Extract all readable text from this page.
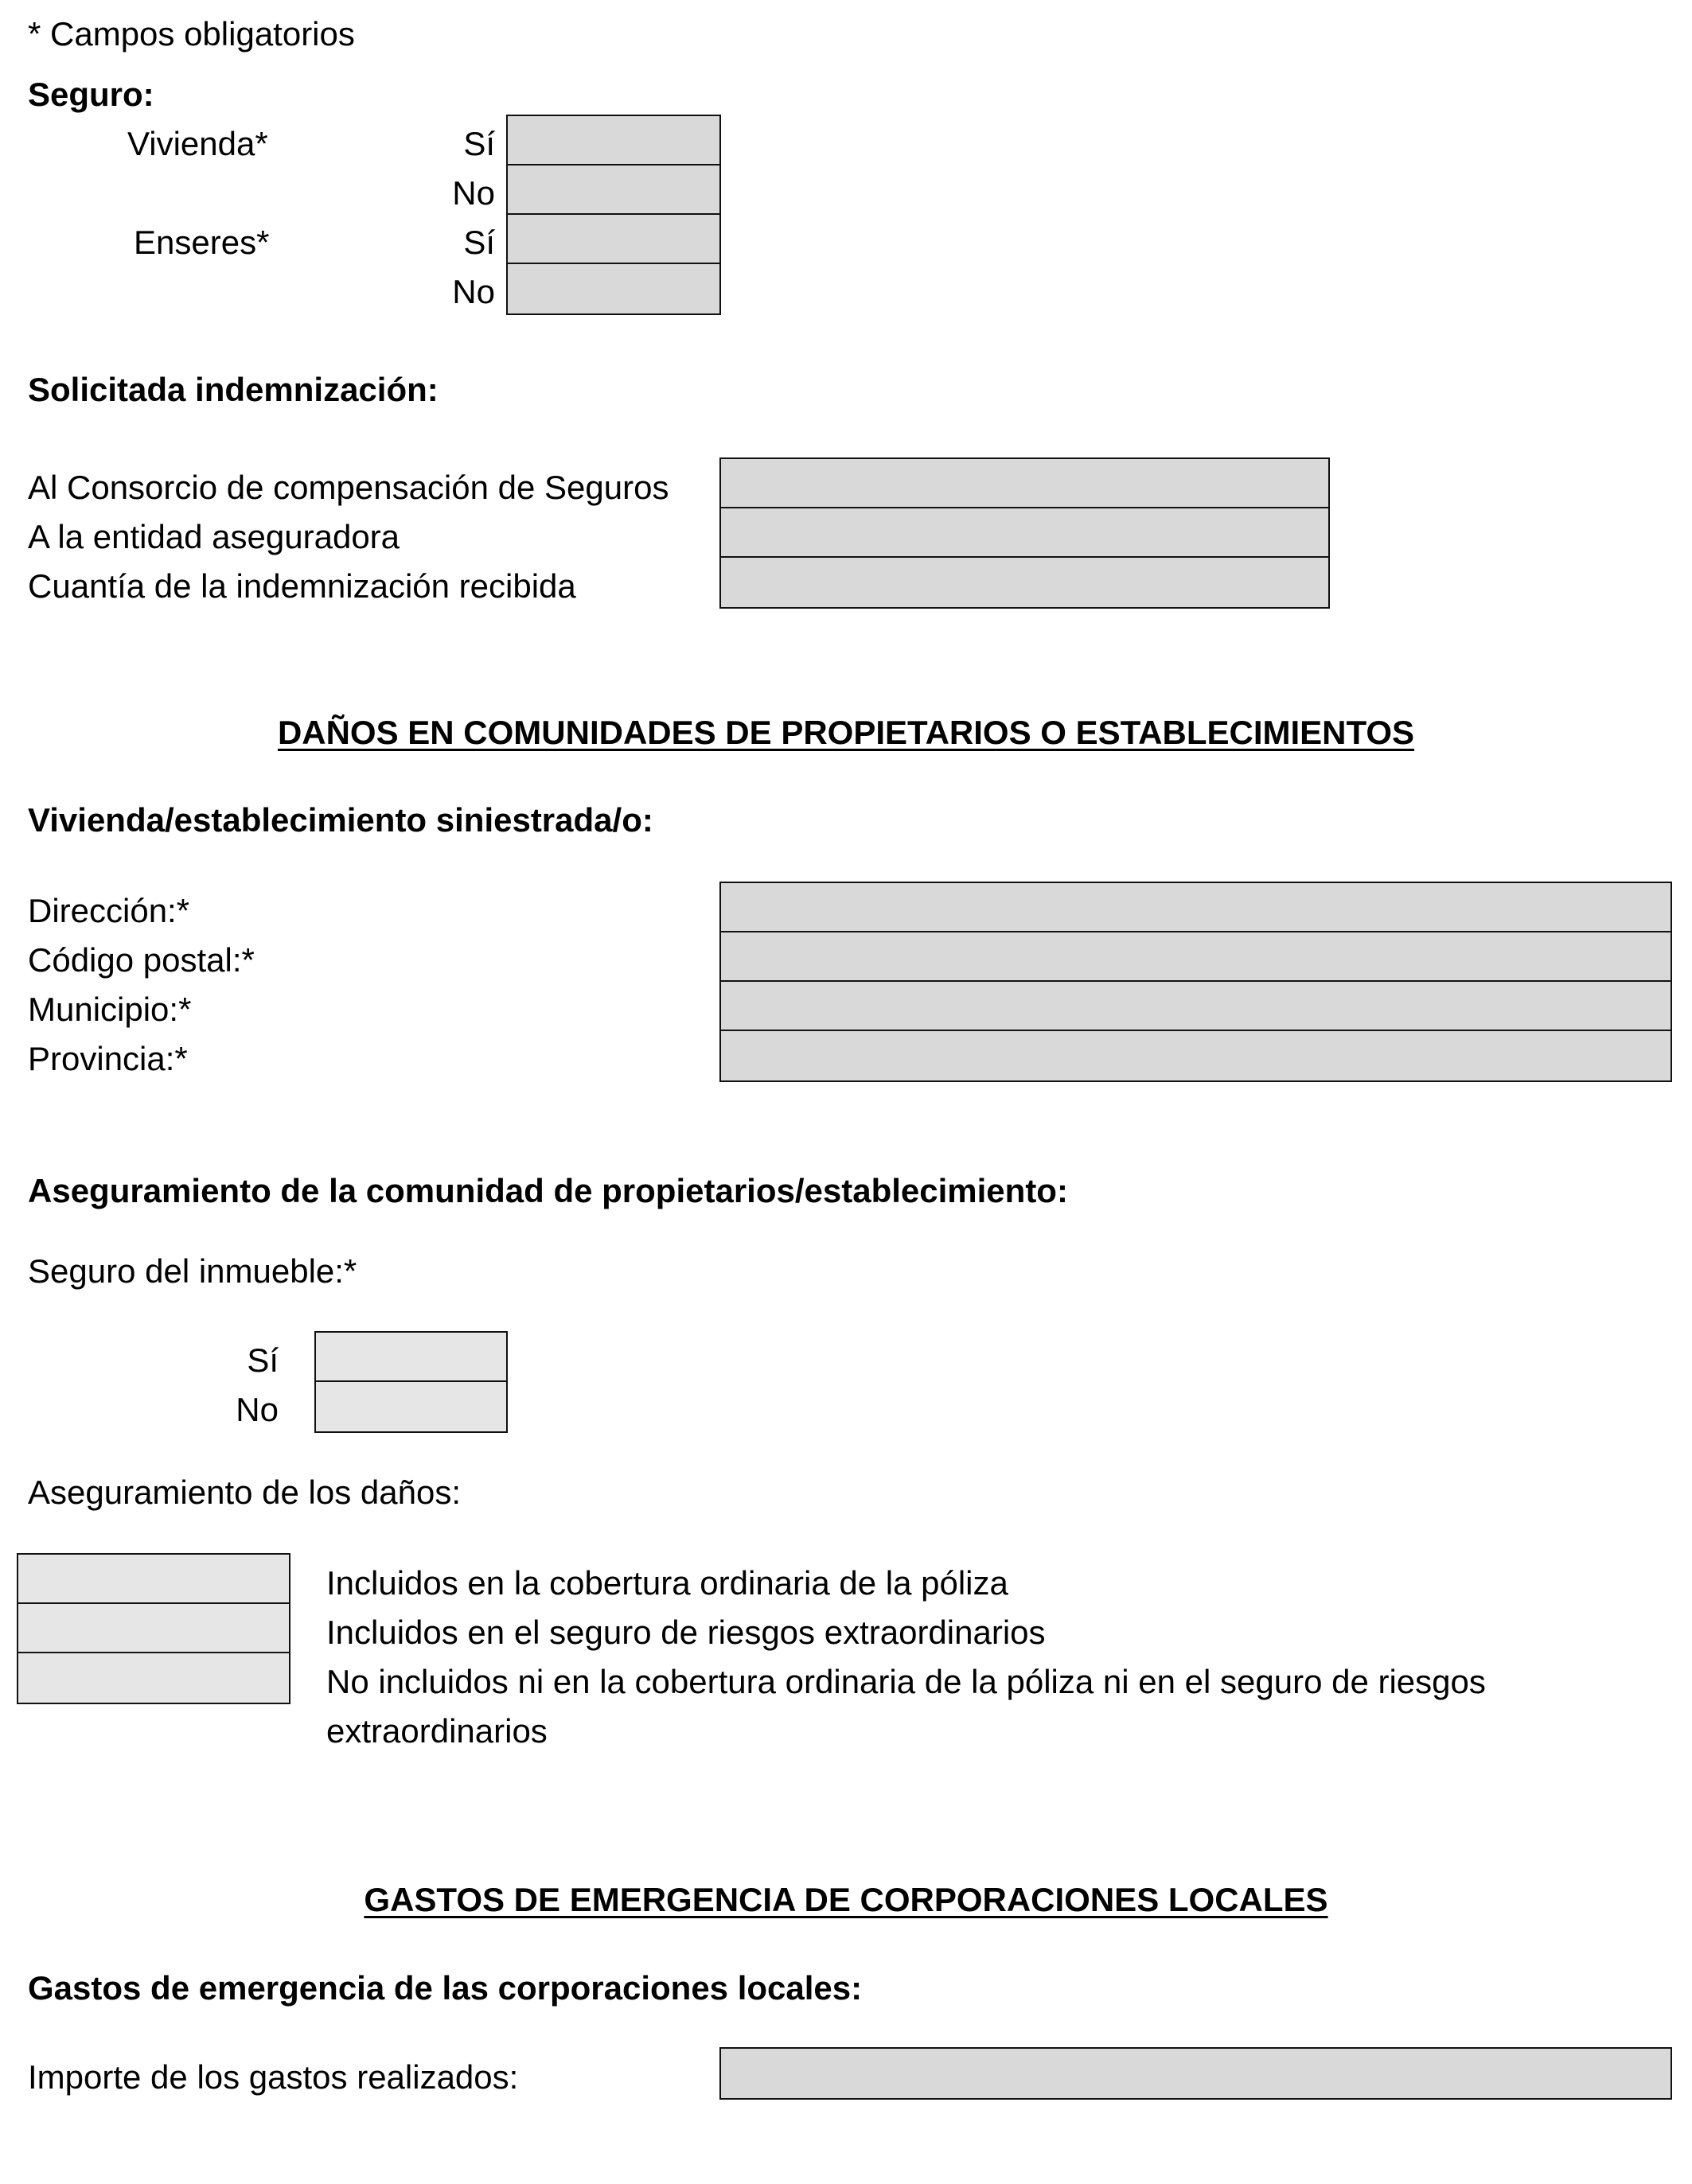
* Campos obligatorios
Seguro:
Vivienda*
Enseres*
Sí
No
Sí
No
Solicitada indemnización:
Al Consorcio de compensación de Seguros
A la entidad aseguradora
Cuantía de la indemnización recibida
DAÑOS EN COMUNIDADES DE PROPIETARIOS O ESTABLECIMIENTOS
Vivienda/establecimiento siniestrada/o:
Dirección:*
Código postal:*
Municipio:*
Provincia:*
Aseguramiento de la comunidad de propietarios/establecimiento:
Seguro del inmueble:*
Sí
No
Aseguramiento de los daños:
Incluidos en la cobertura ordinaria de la póliza
Incluidos en el seguro de riesgos extraordinarios
No incluidos ni en la cobertura ordinaria de la póliza ni en el seguro de riesgos
extraordinarios
GASTOS DE EMERGENCIA DE CORPORACIONES LOCALES
Gastos de emergencia de las corporaciones locales:
Importe de los gastos realizados:
